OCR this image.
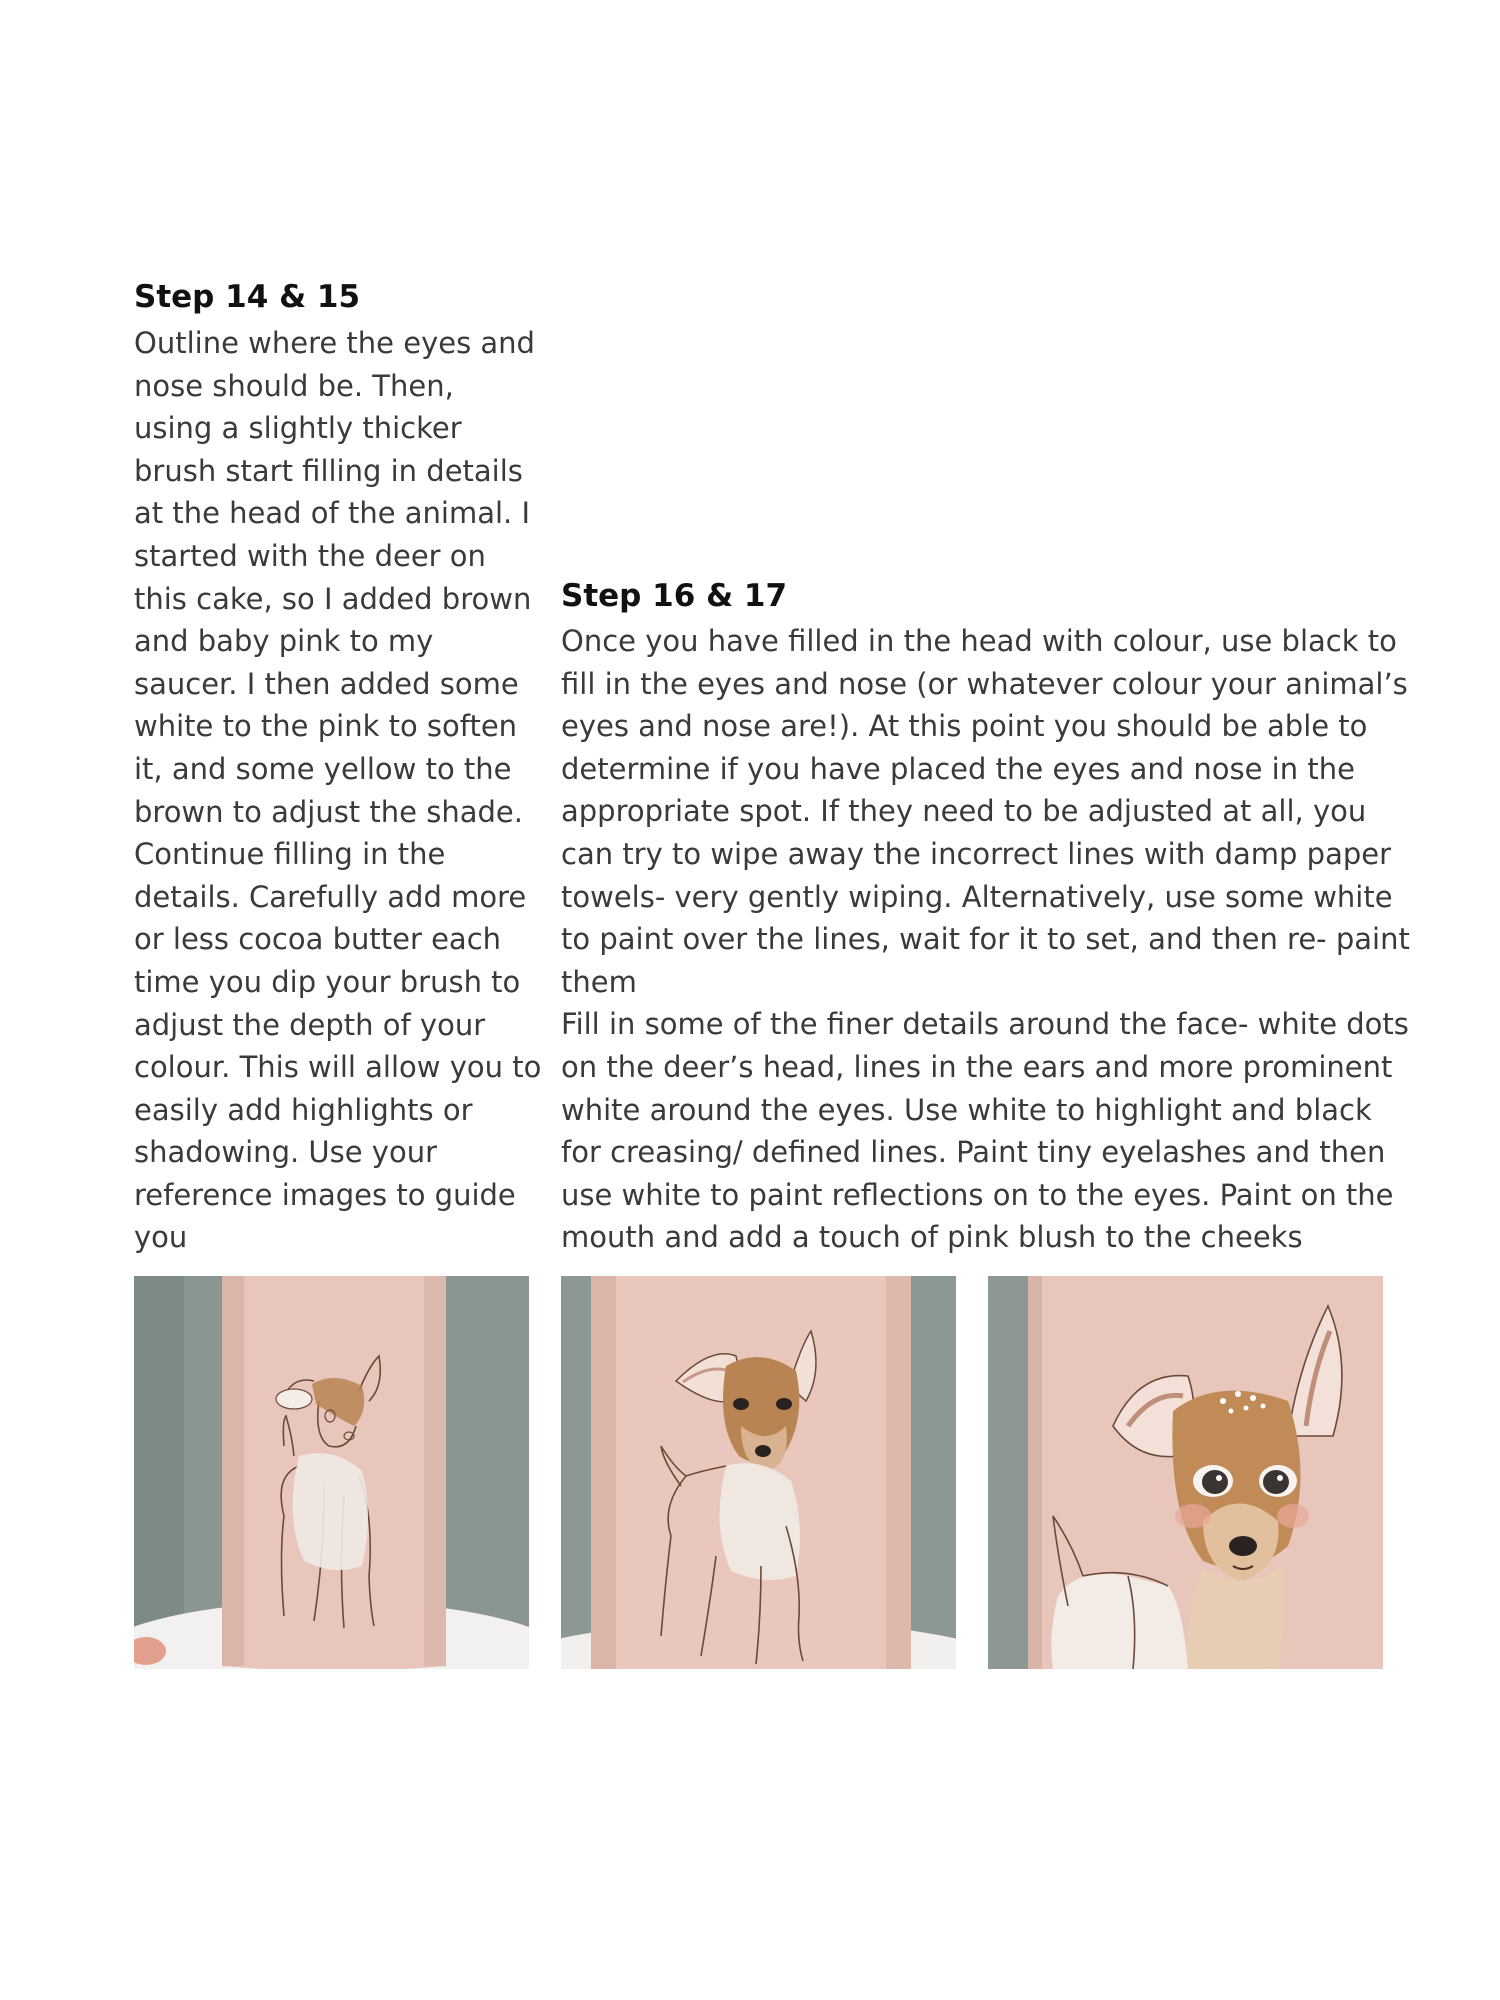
Step 14 & 15
Outline where the eyes and
nose should be. Then,
using a slightly thicker
brush start filling in details
at the head of the animal. I
started with the deer on
this cake, so I added brown
and baby pink to my
saucer. I then added some
white to the pink to soften
it, and some yellow to the
brown to adjust the shade.
Continue filling in the
details. Carefully add more
or less cocoa butter each
time you dip your brush to
adjust the depth of your
colour. This will allow you to
easily add highlights or
shadowing. Use your
reference images to guide
you
Step 16 & 17
Once you have filled in the head with colour, use black to
fill in the eyes and nose (or whatever colour your animal’s
eyes and nose are!). At this point you should be able to
determine if you have placed the eyes and nose in the
appropriate spot. If they need to be adjusted at all, you
can try to wipe away the incorrect lines with damp paper
towels- very gently wiping. Alternatively, use some white
to paint over the lines, wait for it to set, and then re- paint
them
Fill in some of the finer details around the face- white dots
on the deer’s head, lines in the ears and more prominent
white around the eyes. Use white to highlight and black
for creasing/ defined lines. Paint tiny eyelashes and then
use white to paint reflections on to the eyes. Paint on the
mouth and add a touch of pink blush to the cheeks
